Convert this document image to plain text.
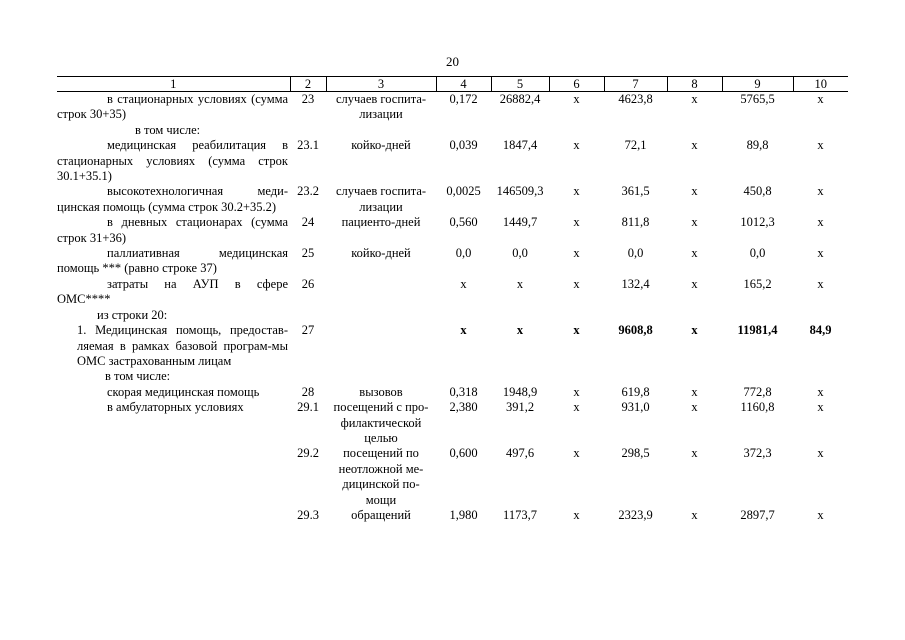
20
1	2	3	4	5	6	7	8	9	10
в стационарных условиях (сумма строк 30+35)	23	случаев госпита-лизации	0,172	26882,4	х	4623,8	х	5765,5	х
в том числе:									
медицинская реабилитация в стационарных условиях (сумма строк 30.1+35.1)	23.1	койко-дней	0,039	1847,4	х	72,1	х	89,8	х
высокотехнологичная меди-цинская помощь (сумма строк 30.2+35.2)	23.2	случаев госпита-лизации	0,0025	146509,3	х	361,5	х	450,8	х
в дневных стационарах (сумма строк 31+36)	24	пациенто-дней	0,560	1449,7	х	811,8	х	1012,3	х
паллиативная медицинская помощь *** (равно строке 37)	25	койко-дней	0,0	0,0	х	0,0	х	0,0	х
затраты на АУП в сфере ОМС****	26		х	х	х	132,4	х	165,2	х
из строки 20:									
1. Медицинская помощь, предостав-ляемая в рамках базовой програм-мы ОМС застрахованным лицам	27		х	х	х	9608,8	х	11981,4	84,9
в том числе:									
скорая медицинская помощь	28	вызовов	0,318	1948,9	х	619,8	х	772,8	х
в амбулаторных условиях	29.1	посещений с про-филактической целью	2,380	391,2	х	931,0	х	1160,8	х
	29.2	посещений по неотложной ме-дицинской по-мощи	0,600	497,6	х	298,5	х	372,3	х
	29.3	обращений	1,980	1173,7	х	2323,9	х	2897,7	х
